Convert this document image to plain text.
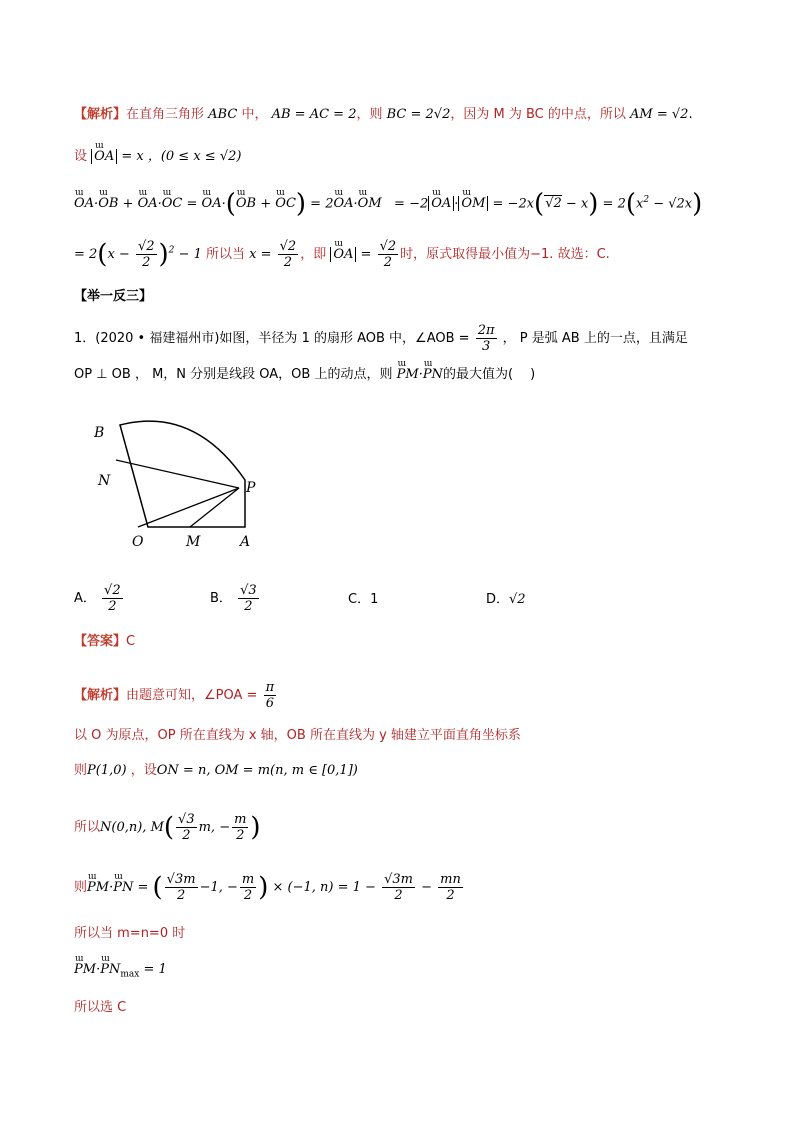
【解析】在直角三角形 ABC 中， AB = AC = 2，则 BC = 2√2，因为 M 为 BC 的中点，所以 AM = √2.
设 ɯ OA = x ，(0 ≤ x ≤ √2)
ɯ OA·ɯ OB + ɯ OA·ɯ OC = ɯ OA·(ɯ OB + ɯ OC) = 2ɯ OA·ɯ OM   = −2 ɯ OA · ɯ OM = $-2x(√2 - x) = 2(x^2 - √2x)$
= $2(x - \frac{√2}{2} )^2 - 1$ 所以当 $x = \frac{√2}{2}$ ，即 ɯ OA = $\frac{√2}{2}$ 时，原式取得最小值为−1. 故选：C.
【举一反三】
1．(2020 • 福建福州市)如图，半径为 1 的扇形 AOB 中，∠AOB = $\frac{2\pi}{3}$ ， P 是弧 AB 上的一点，且满足
OP ⊥ OB ， M，N 分别是线段 OA，OB 上的动点，则 ɯ PM·ɯ PN的最大值为(　 )
B
N	P
O	M	A
A． $\frac{√2}{2}$	B． $\frac{√3}{2}$	C．1	D．√2
【答案】C
【解析】由题意可知，∠POA = $\frac{\pi}{6}$
以 O 为原点，OP 所在直线为 x 轴，OB 所在直线为 y 轴建立平面直角坐标系
则P(1,0) ，设ON = n, OM = m(n, m ∈ [0,1])
所以N(0,n), $M( \frac{√3}{2} m$, − $\frac{m}{2}$ )
则ɯ PM·ɯ PN = ( $\frac{√3m}{2} -1$, − $\frac{m}{2}$ ) × (−1, $n) = 1 - \frac{√3m}{2} - \frac{mn}{2}$
所以当 m=n=0 时
ɯ PM·ɯ $PN_{max} = 1$
所以选 C
